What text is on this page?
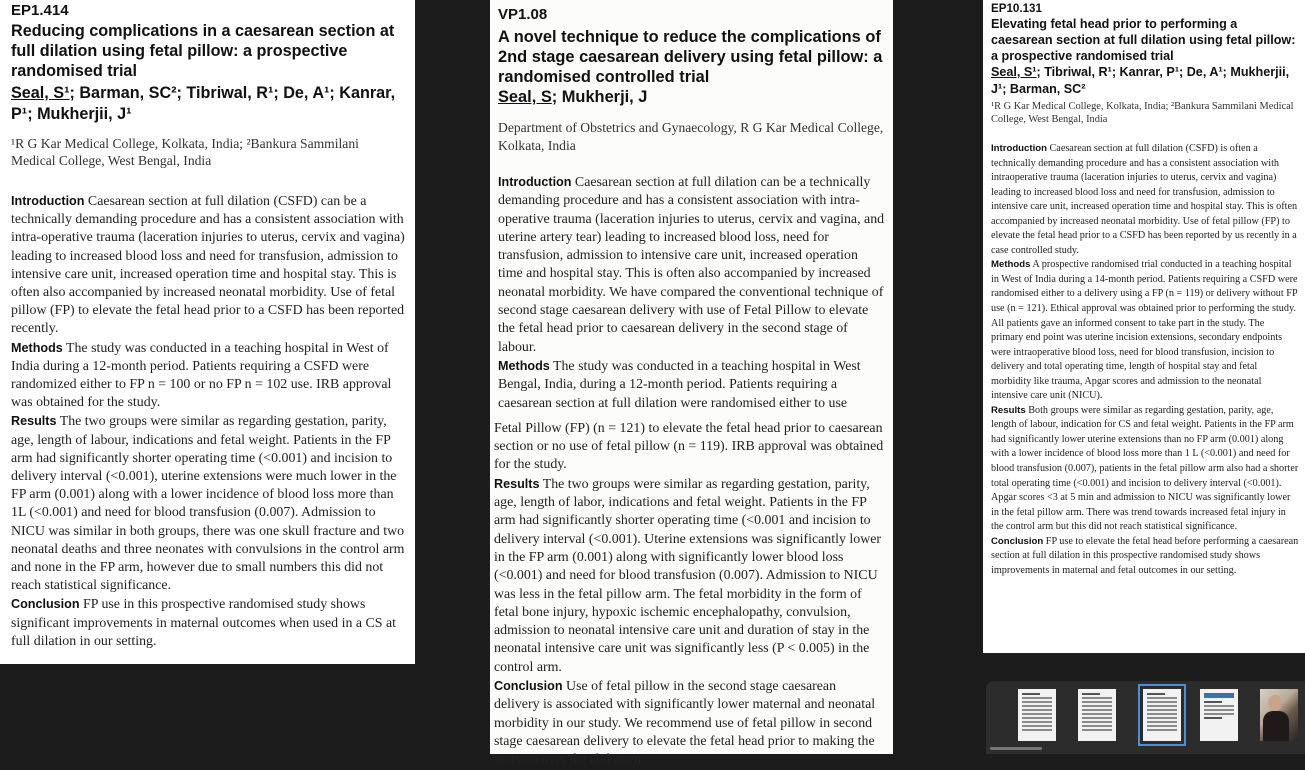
EP1.414
Reducing complications in a caesarean section at full dilation using fetal pillow: a prospective randomised trial
Seal, S¹; Barman, SC²; Tibriwal, R¹; De, A¹; Kanrar, P¹; Mukherjii, J¹
¹R G Kar Medical College, Kolkata, India; ²Bankura Sammilani Medical College, West Bengal, India

Introduction Caesarean section at full dilation (CSFD) can be a technically demanding procedure and has a consistent association with intra-operative trauma (laceration injuries to uterus, cervix and vagina) leading to increased blood loss and need for transfusion, admission to intensive care unit, increased operation time and hospital stay. This is often also accompanied by increased neonatal morbidity. Use of fetal pillow (FP) to elevate the fetal head prior to a CSFD has been reported recently.

Methods The study was conducted in a teaching hospital in West of India during a 12-month period. Patients requiring a CSFD were randomized either to FP n = 100 or no FP n = 102 use. IRB approval was obtained for the study.

Results The two groups were similar as regarding gestation, parity, age, length of labour, indications and fetal weight. Patients in the FP arm had significantly shorter operating time (<0.001) and incision to delivery interval (<0.001), uterine extensions were much lower in the FP arm (0.001) along with a lower incidence of blood loss more than 1L (<0.001) and need for blood transfusion (0.007). Admission to NICU was similar in both groups, there was one skull fracture and two neonatal deaths and three neonates with convulsions in the control arm and none in the FP arm, however due to small numbers this did not reach statistical significance.

Conclusion FP use in this prospective randomised study shows significant improvements in maternal outcomes when used in a CS at full dilation in our setting.

VP1.08
A novel technique to reduce the complications of 2nd stage caesarean delivery using fetal pillow: a randomised controlled trial
Seal, S; Mukherji, J
Department of Obstetrics and Gynaecology, R G Kar Medical College, Kolkata, India

Introduction Caesarean section at full dilation can be a technically demanding procedure and has a consistent association with intra-operative trauma (laceration injuries to uterus, cervix and vagina, and uterine artery tear) leading to increased blood loss, need for transfusion, admission to intensive care unit, increased operation time and hospital stay. This is often also accompanied by increased neonatal morbidity. We have compared the conventional technique of second stage caesarean delivery with use of Fetal Pillow to elevate the fetal head prior to caesarean delivery in the second stage of labour.

Methods The study was conducted in a teaching hospital in West Bengal, India, during a 12-month period. Patients requiring a caesarean section at full dilation were randomised either to use

Fetal Pillow (FP) (n = 121) to elevate the fetal head prior to caesarean section or no use of fetal pillow (n = 119). IRB approval was obtained for the study.

Results The two groups were similar as regarding gestation, parity, age, length of labor, indications and fetal weight. Patients in the FP arm had significantly shorter operating time (<0.001 and incision to delivery interval (<0.001). Uterine extensions was significantly lower in the FP arm (0.001) along with significantly lower blood loss (<0.001) and need for blood transfusion (0.007). Admission to NICU was less in the fetal pillow arm. The fetal morbidity in the form of fetal bone injury, hypoxic ischemic encephalopathy, convulsion, admission to neonatal intensive care unit and duration of stay in the neonatal intensive care unit was significantly less (P < 0.005) in the control arm.

Conclusion Use of fetal pillow in the second stage caesarean delivery is associated with significantly lower maternal and neonatal morbidity in our study. We recommend use of fetal pillow in second stage caesarean delivery to elevate the fetal head prior to making the incision over the abdomen.

EP10.131
Elevating fetal head prior to performing a caesarean section at full dilation using fetal pillow: a prospective randomised trial
Seal, S¹; Tibriwal, R¹; Kanrar, P¹; De, A¹; Mukherjii, J¹; Barman, SC²
¹R G Kar Medical College, Kolkata, India; ²Bankura Sammilani Medical College, West Bengal, India

Introduction Caesarean section at full dilation (CSFD) is often a technically demanding procedure and has a consistent association with intraoperative trauma (laceration injuries to uterus, cervix and vagina) leading to increased blood loss and need for transfusion, admission to intensive care unit, increased operation time and hospital stay. This is often accompanied by increased neonatal morbidity. Use of fetal pillow (FP) to elevate the fetal head prior to a CSFD has been reported by us recently in a case controlled study.

Methods A prospective randomised trial conducted in a teaching hospital in West of India during a 14-month period. Patients requiring a CSFD were randomised either to a delivery using a FP (n = 119) or delivery without FP use (n = 121). Ethical approval was obtained prior to performing the study. All patients gave an informed consent to take part in the study. The primary end point was uterine incision extensions, secondary endpoints were intraoperative blood loss, need for blood transfusion, incision to delivery and total operating time, length of hospital stay and fetal morbidity like trauma, Apgar scores and admission to the neonatal intensive care unit (NICU).

Results Both groups were similar as regarding gestation, parity, age, length of labour, indication for CS and fetal weight. Patients in the FP arm had significantly lower uterine extensions than no FP arm (0.001) along with a lower incidence of blood loss more than 1 L (<0.001) and need for blood transfusion (0.007), patients in the fetal pillow arm also had a shorter total operating time (<0.001) and incision to delivery interval (<0.001). Apgar scores <3 at 5 min and admission to NICU was significantly lower in the fetal pillow arm. There was trend towards increased fetal injury in the control arm but this did not reach statistical significance.

Conclusion FP use to elevate the fetal head before performing a caesarean section at full dilation in this prospective randomised study shows improvements in maternal and fetal outcomes in our setting.
